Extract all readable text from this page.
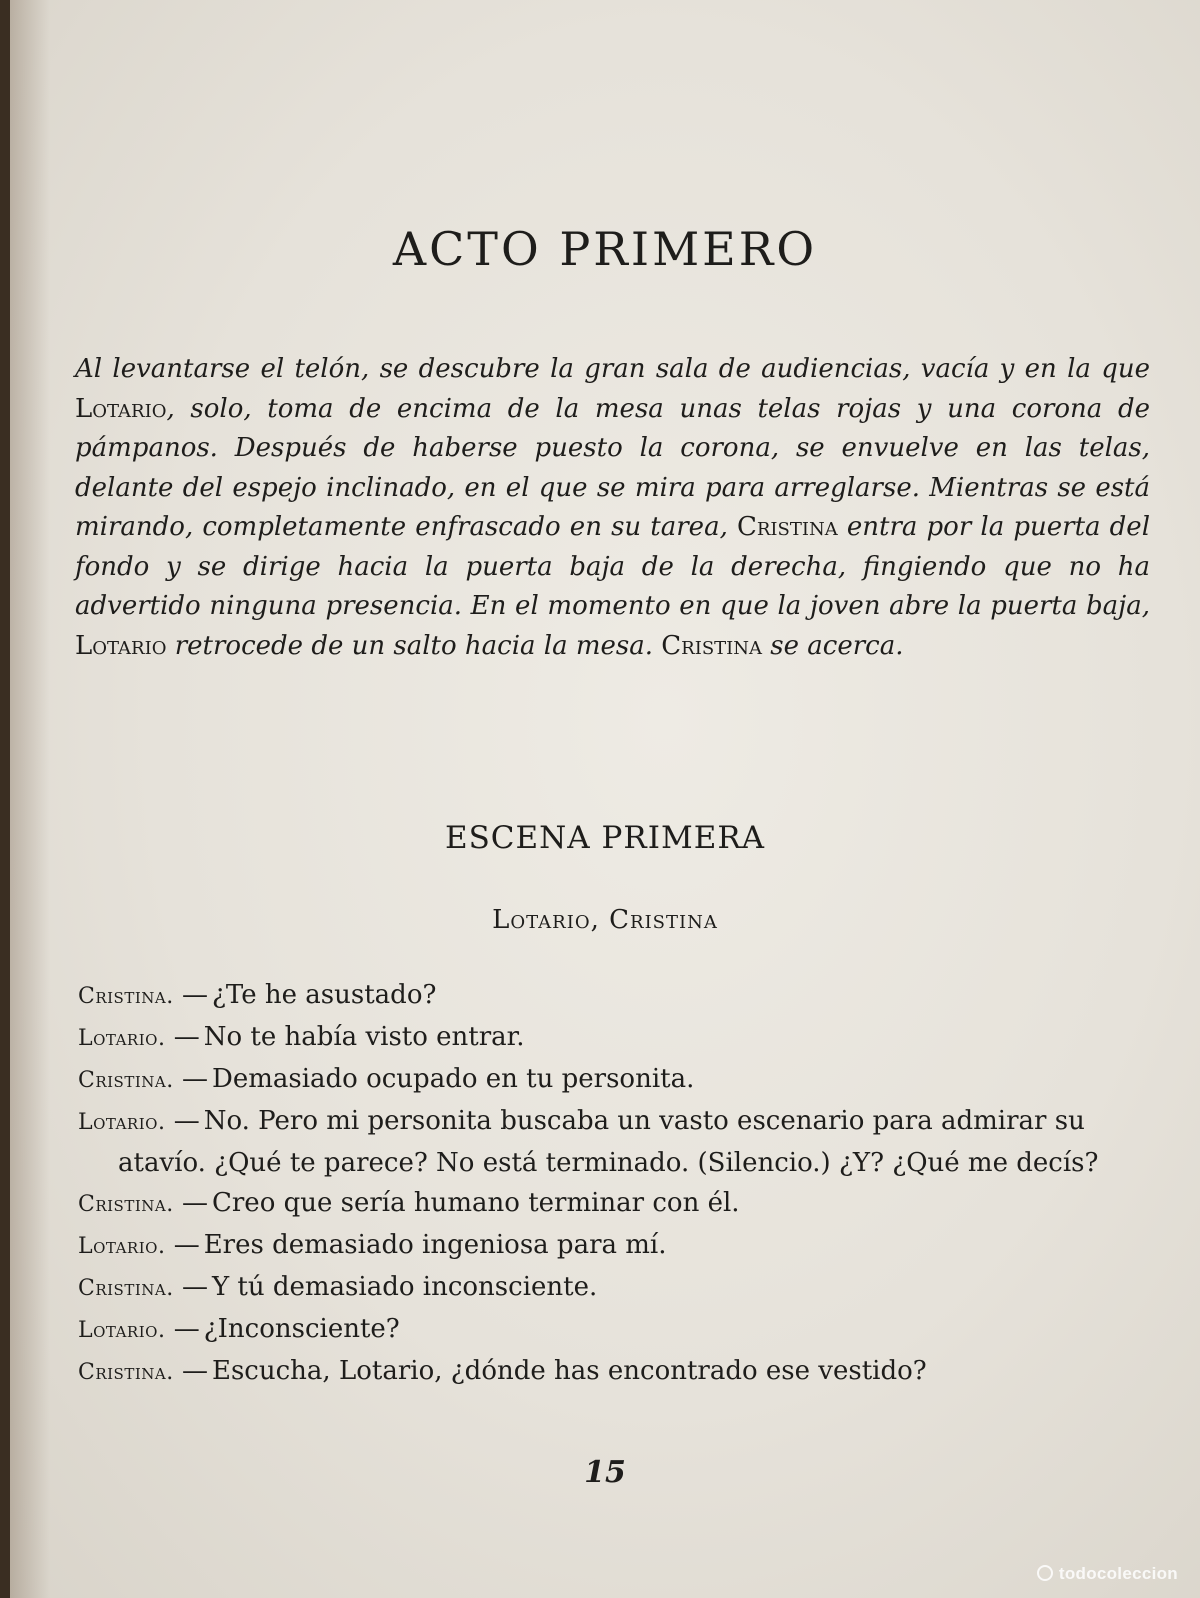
ACTO PRIMERO

Al levantarse el telón, se descubre la gran sala de audiencias, vacía y en la que Lotario, solo, toma de encima de la mesa unas telas rojas y una corona de pámpanos. Después de haberse puesto la corona, se envuelve en las telas, delante del espejo inclinado, en el que se mira para arreglarse. Mientras se está mirando, completamente enfrascado en su tarea, Cristina entra por la puerta del fondo y se dirige hacia la puerta baja de la derecha, fingiendo que no ha advertido ninguna presencia. En el momento en que la joven abre la puerta baja, Lotario retrocede de un salto hacia la mesa. Cristina se acerca.

ESCENA PRIMERA

Lotario, Cristina

Cristina. — ¿Te he asustado?
Lotario. — No te había visto entrar.
Cristina. — Demasiado ocupado en tu personita.
Lotario. — No. Pero mi personita buscaba un vasto escenario para admirar su atavío. ¿Qué te parece? No está terminado. (Silencio.) ¿Y? ¿Qué me decís?
Cristina. — Creo que sería humano terminar con él.
Lotario. — Eres demasiado ingeniosa para mí.
Cristina. — Y tú demasiado inconsciente.
Lotario. — ¿Inconsciente?
Cristina. — Escucha, Lotario, ¿dónde has encontrado ese vestido?
15
todocoleccion
